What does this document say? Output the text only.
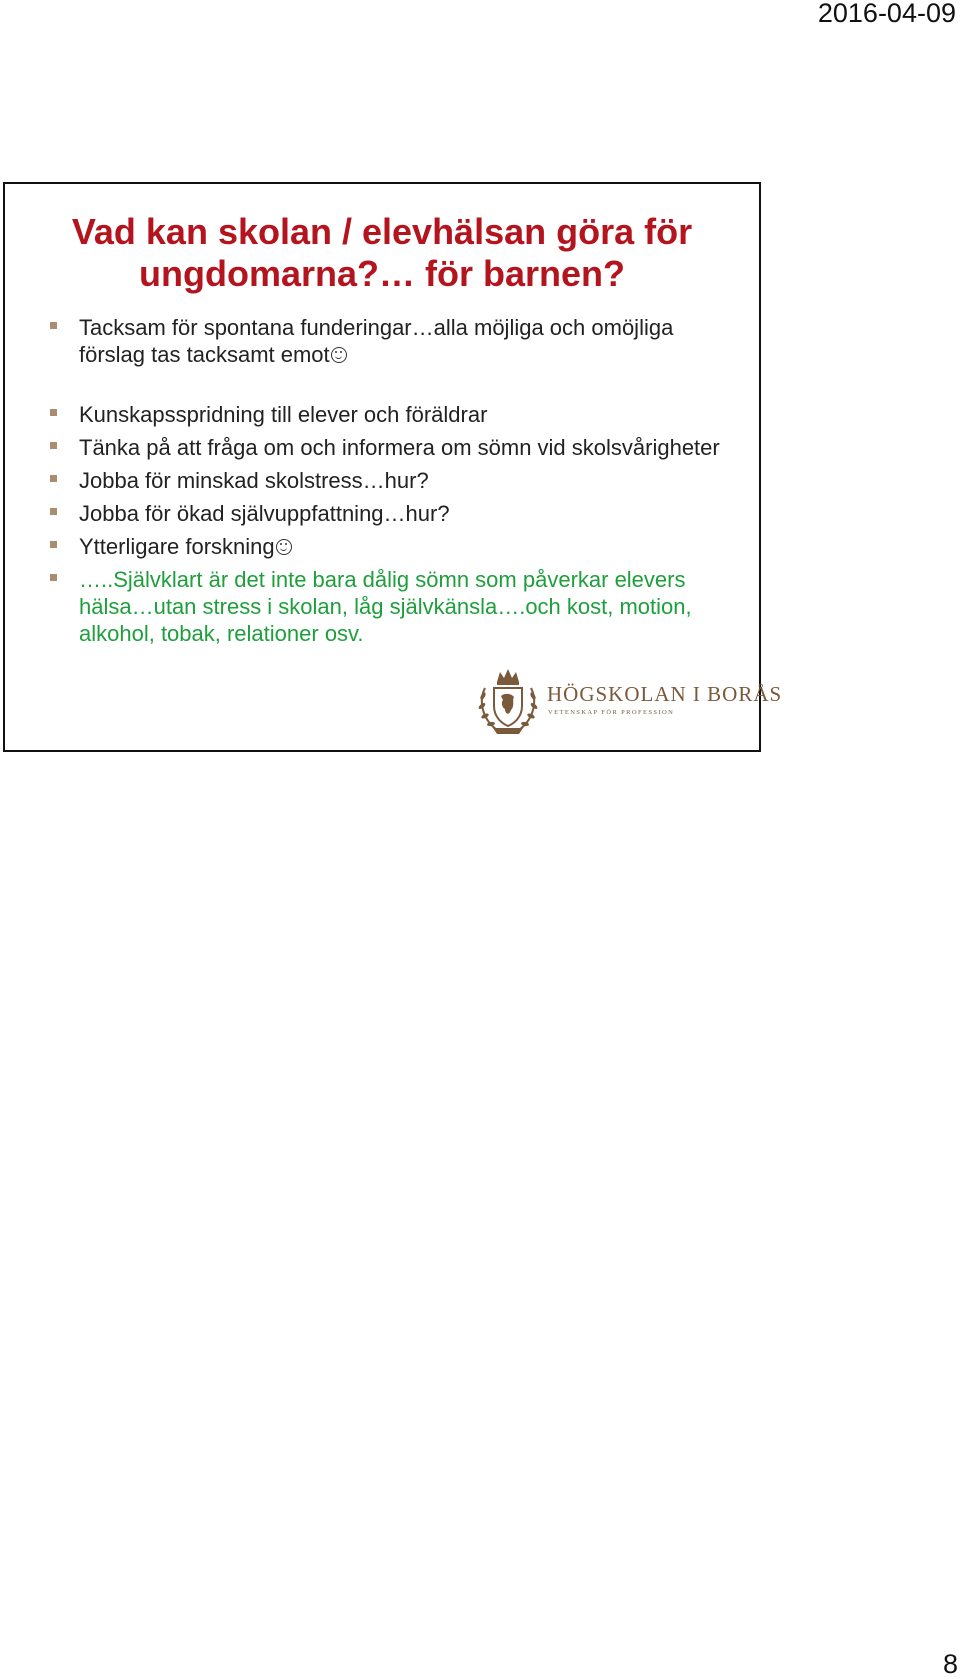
2016-04-09
Vad kan skolan / elevhälsan göra för ungdomarna?… för barnen?
Tacksam för spontana funderingar…alla möjliga och omöjliga förslag tas tacksamt emot
Kunskapsspridning till elever och föräldrar
Tänka på att fråga om och informera om sömn vid skolsvårigheter
Jobba för minskad skolstress…hur?
Jobba för ökad självuppfattning…hur?
Ytterligare forskning
…..Självklart är det inte bara dålig sömn som påverkar elevers hälsa…utan stress i skolan, låg självkänsla….och kost, motion, alkohol, tobak, relationer osv.
HÖGSKOLAN I BORÅS
VETENSKAP FÖR PROFESSION
8
